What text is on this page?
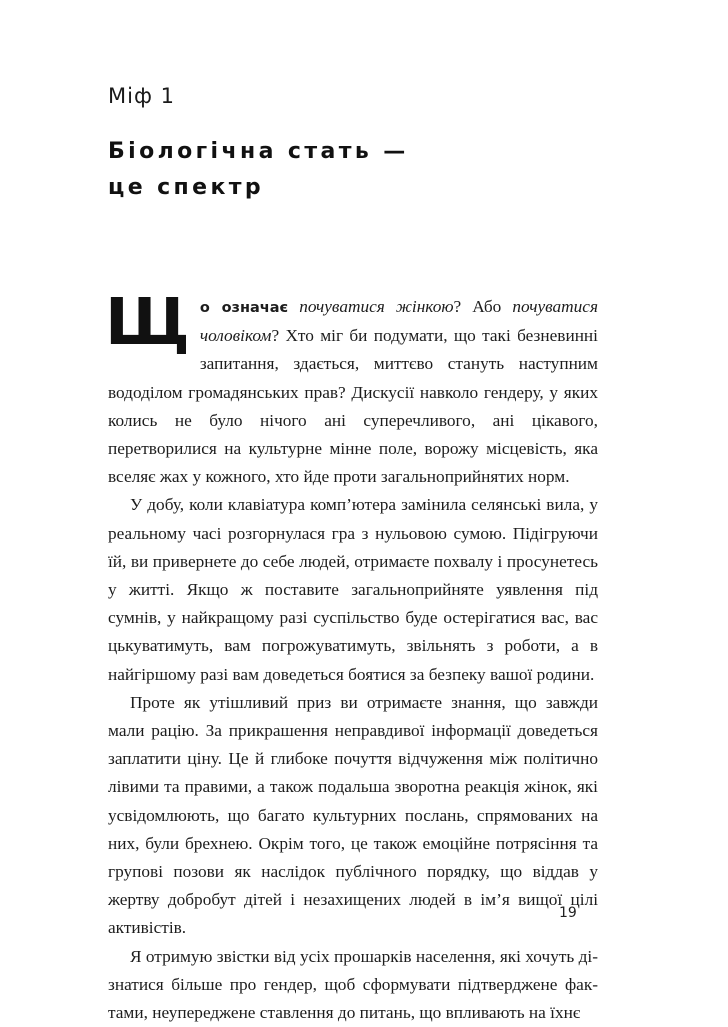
Міф 1
Біологічна стать —
це спектр

Що означає почуватися жінкою? Або почуватися чоловіком? Хто міг би подумати, що такі безневинні запитання, здається, миттєво стануть наступним вододілом громадянських прав? Дискусії навколо гендеру, у яких колись не було нічого ані суперечливого, ані цікавого, перетворилися на культурне мінне поле, ворожу місцевість, яка вселяє жах у кожного, хто йде проти загальноприйнятих норм.

У добу, коли клавіатура комп’ютера замінила селянські вила, у реальному часі розгорнулася гра з нульовою сумою. Підігруючи їй, ви привернете до себе людей, отримаєте похвалу і просунетесь у житті. Якщо ж поставите загальноприйняте уявлення під сумнів, у найкращому разі суспільство буде остерігатися вас, вас цькуватимуть, вам погрожуватимуть, звільнять з роботи, а в найгіршому разі вам доведеться боятися за безпеку вашої родини.

Проте як утішливий приз ви отримаєте знання, що завжди мали рацію. За прикрашення неправдивої інформації доведеться заплатити ціну. Це й глибоке почуття відчуження між політично лівими та правими, а також подальша зворотна реакція жінок, які усвідомлюють, що багато культурних послань, спрямованих на них, були брехнею. Окрім того, це також емоційне потрясіння та групові позови як наслідок публічного порядку, що віддав у жертву добробут дітей і незахищених людей в ім’я вищої цілі активістів.

Я отримую звістки від усіх прошарків населення, які хочуть дізнатися більше про гендер, щоб сформувати підтверджене фактами, неупереджене ставлення до питань, що впливають на їхнє

19
